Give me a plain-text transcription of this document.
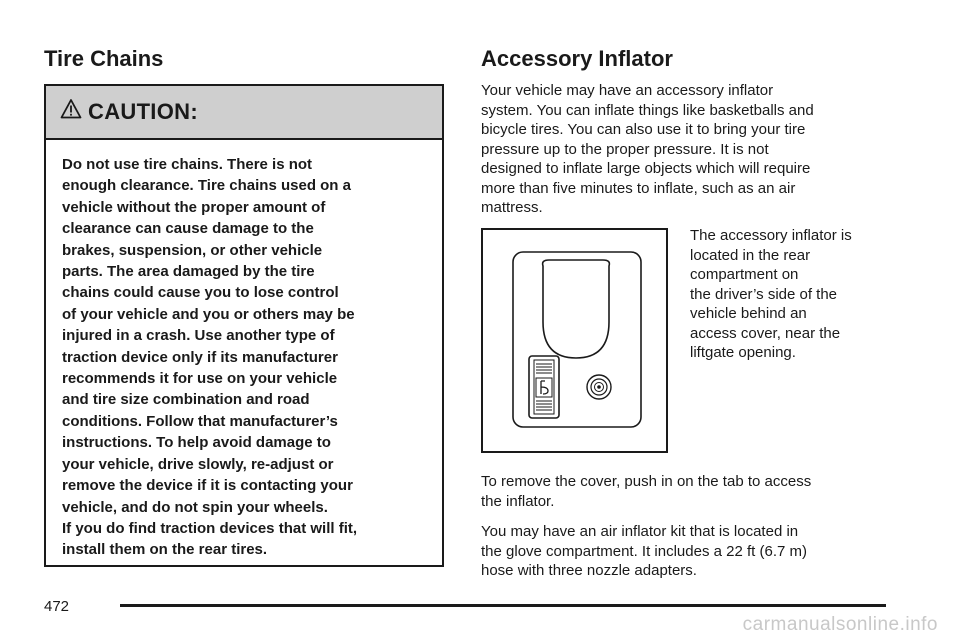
Tire Chains
CAUTION:
Do not use tire chains. There is not
enough clearance. Tire chains used on a
vehicle without the proper amount of
clearance can cause damage to the
brakes, suspension, or other vehicle
parts. The area damaged by the tire
chains could cause you to lose control
of your vehicle and you or others may be
injured in a crash. Use another type of
traction device only if its manufacturer
recommends it for use on your vehicle
and tire size combination and road
conditions. Follow that manufacturer’s
instructions. To help avoid damage to
your vehicle, drive slowly, re-adjust or
remove the device if it is contacting your
vehicle, and do not spin your wheels.
If you do find traction devices that will fit,
install them on the rear tires.
Accessory Inflator

Your vehicle may have an accessory inflator
system. You can inflate things like basketballs and
bicycle tires. You can also use it to bring your tire
pressure up to the proper pressure. It is not
designed to inflate large objects which will require
more than five minutes to inflate, such as an air
mattress.

The accessory inflator is
located in the rear
compartment on
the driver’s side of the
vehicle behind an
access cover, near the
liftgate opening.

To remove the cover, push in on the tab to access
the inflator.

You may have an air inflator kit that is located in
the glove compartment. It includes a 22 ft (6.7 m)
hose with three nozzle adapters.

472
carmanualsonline.info
